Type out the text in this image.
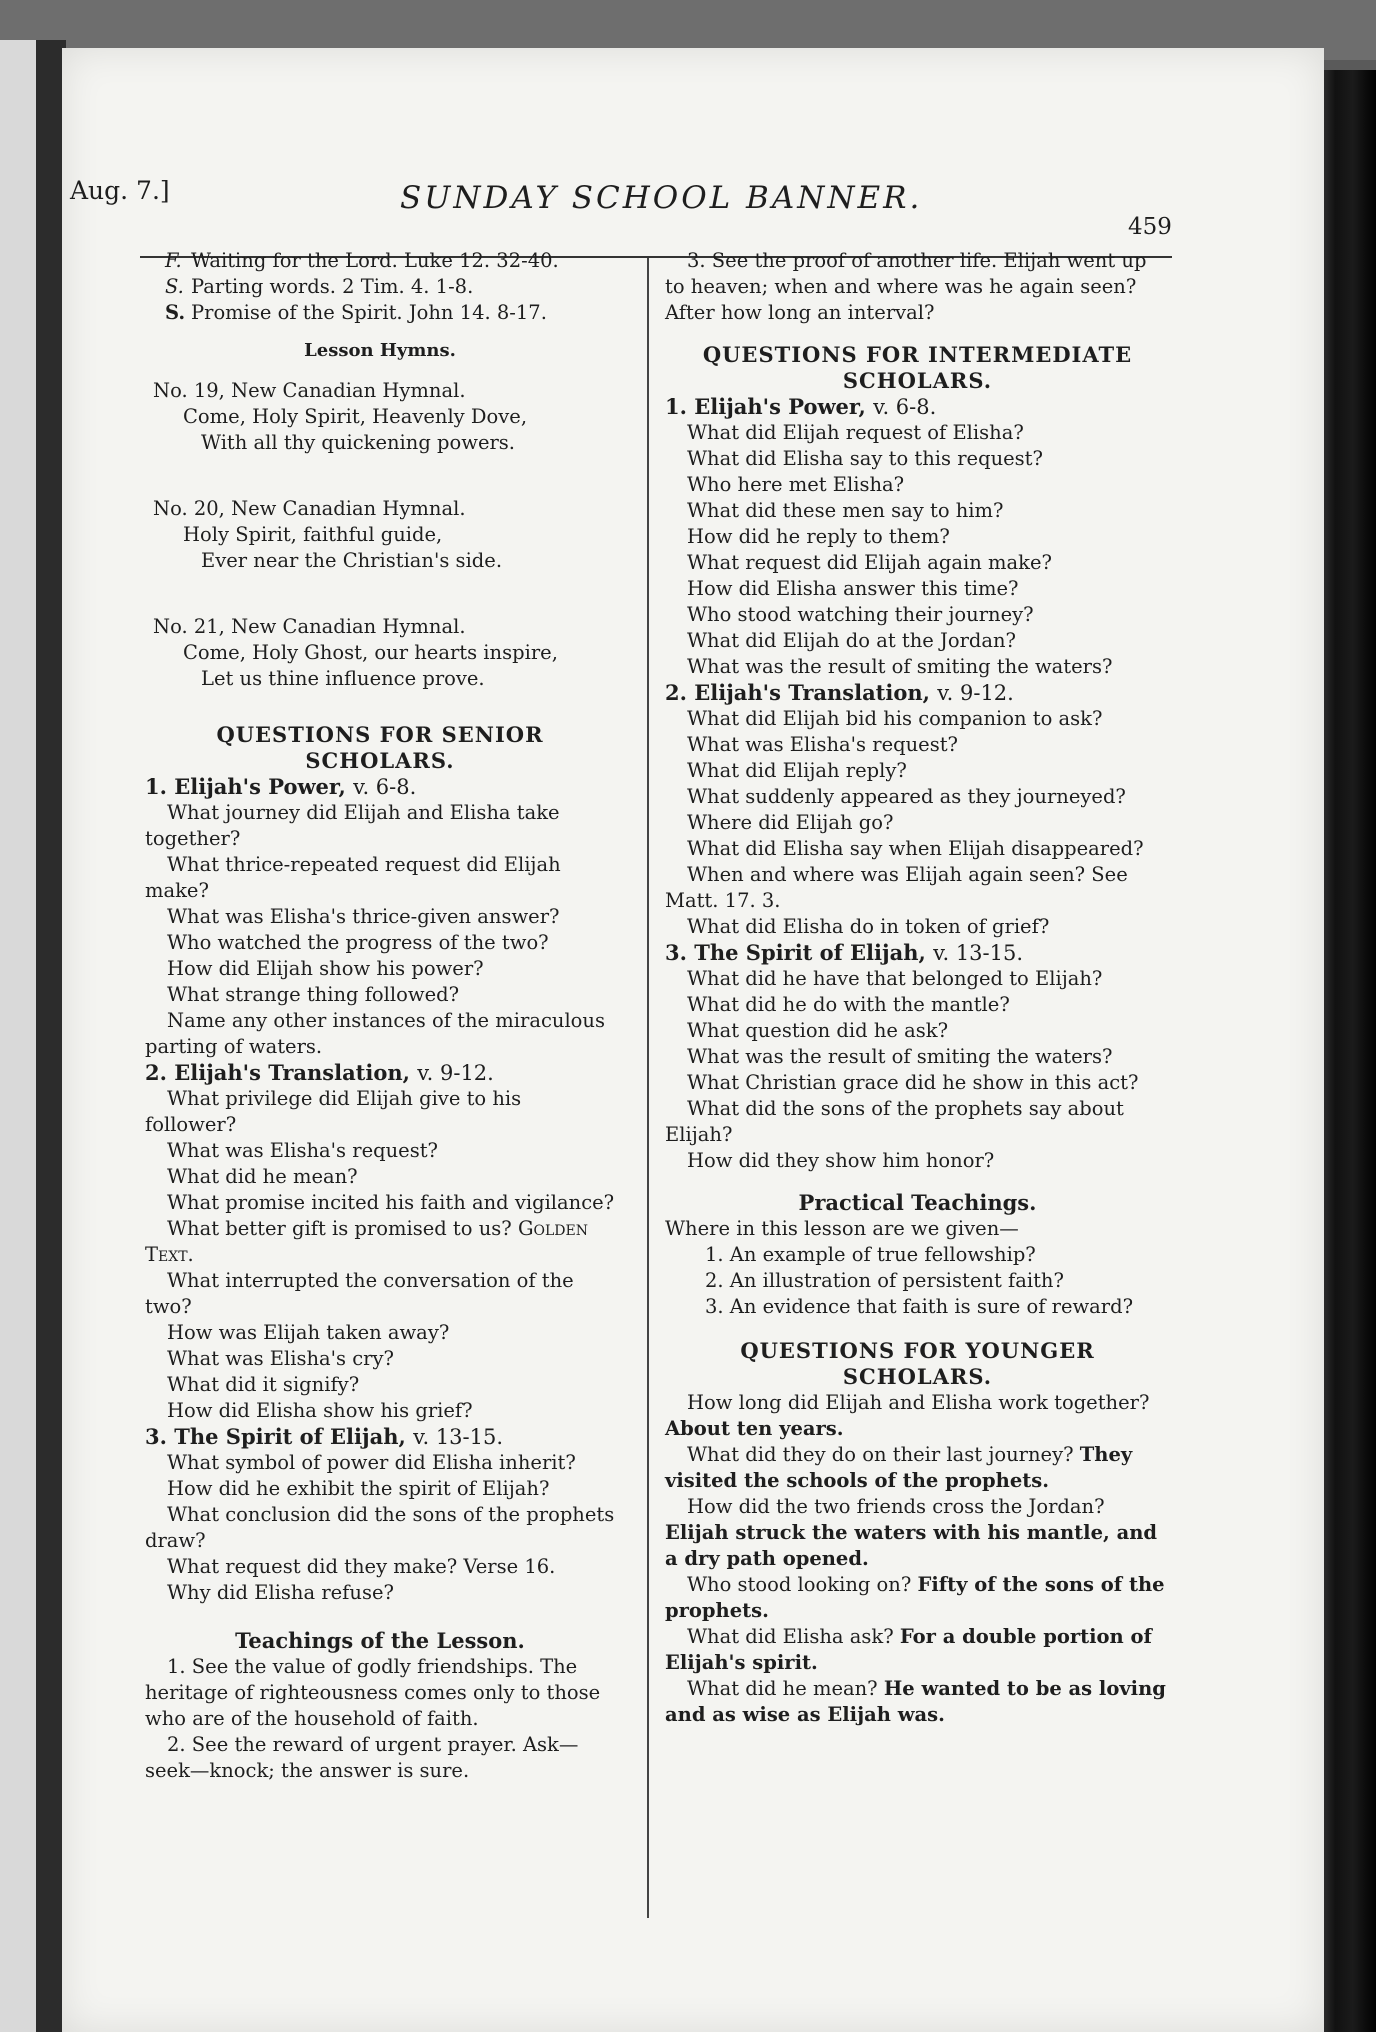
Aug. 7.]	SUNDAY SCHOOL BANNER.
459

F. Waiting for the Lord. Luke 12. 32-40.

S. Parting words. 2 Tim. 4. 1-8.

S. Promise of the Spirit. John 14. 8-17.

Lesson Hymns.

No. 19, New Canadian Hymnal.

Come, Holy Spirit, Heavenly Dove,

With all thy quickening powers.

No. 20, New Canadian Hymnal.

Holy Spirit, faithful guide,

Ever near the Christian's side.

No. 21, New Canadian Hymnal.

Come, Holy Ghost, our hearts inspire,

Let us thine influence prove.

QUESTIONS FOR SENIOR SCHOLARS.

1. Elijah's Power, v. 6-8.

What journey did Elijah and Elisha take together?

What thrice-repeated request did Elijah make?

What was Elisha's thrice-given answer?

Who watched the progress of the two?

How did Elijah show his power?

What strange thing followed?

Name any other instances of the miraculous parting of waters.

2. Elijah's Translation, v. 9-12.

What privilege did Elijah give to his follower?

What was Elisha's request?

What did he mean?

What promise incited his faith and vigilance?

What better gift is promised to us? Golden Text.

What interrupted the conversation of the two?

How was Elijah taken away?

What was Elisha's cry?

What did it signify?

How did Elisha show his grief?

3. The Spirit of Elijah, v. 13-15.

What symbol of power did Elisha inherit?

How did he exhibit the spirit of Elijah?

What conclusion did the sons of the prophets draw?

What request did they make? Verse 16.

Why did Elisha refuse?

Teachings of the Lesson.

1. See the value of godly friendships. The heritage of righteousness comes only to those who are of the household of faith.

2. See the reward of urgent prayer. Ask—seek—knock; the answer is sure.

3. See the proof of another life. Elijah went up to heaven; when and where was he again seen? After how long an interval?

QUESTIONS FOR INTERMEDIATE

SCHOLARS.

1. Elijah's Power, v. 6-8.

What did Elijah request of Elisha?

What did Elisha say to this request?

Who here met Elisha?

What did these men say to him?

How did he reply to them?

What request did Elijah again make?

How did Elisha answer this time?

Who stood watching their journey?

What did Elijah do at the Jordan?

What was the result of smiting the waters?

2. Elijah's Translation, v. 9-12.

What did Elijah bid his companion to ask?

What was Elisha's request?

What did Elijah reply?

What suddenly appeared as they journeyed?

Where did Elijah go?

What did Elisha say when Elijah disappeared?

When and where was Elijah again seen? See Matt. 17. 3.

What did Elisha do in token of grief?

3. The Spirit of Elijah, v. 13-15.

What did he have that belonged to Elijah?

What did he do with the mantle?

What question did he ask?

What was the result of smiting the waters?

What Christian grace did he show in this act?

What did the sons of the prophets say about Elijah?

How did they show him honor?

Practical Teachings.

Where in this lesson are we given—

1. An example of true fellowship?

2. An illustration of persistent faith?

3. An evidence that faith is sure of reward?

QUESTIONS FOR YOUNGER

SCHOLARS.

How long did Elijah and Elisha work together? About ten years.

What did they do on their last journey? They visited the schools of the prophets.

How did the two friends cross the Jordan? Elijah struck the waters with his mantle, and a dry path opened.

Who stood looking on? Fifty of the sons of the prophets.

What did Elisha ask? For a double portion of Elijah's spirit.

What did he mean? He wanted to be as loving and as wise as Elijah was.
